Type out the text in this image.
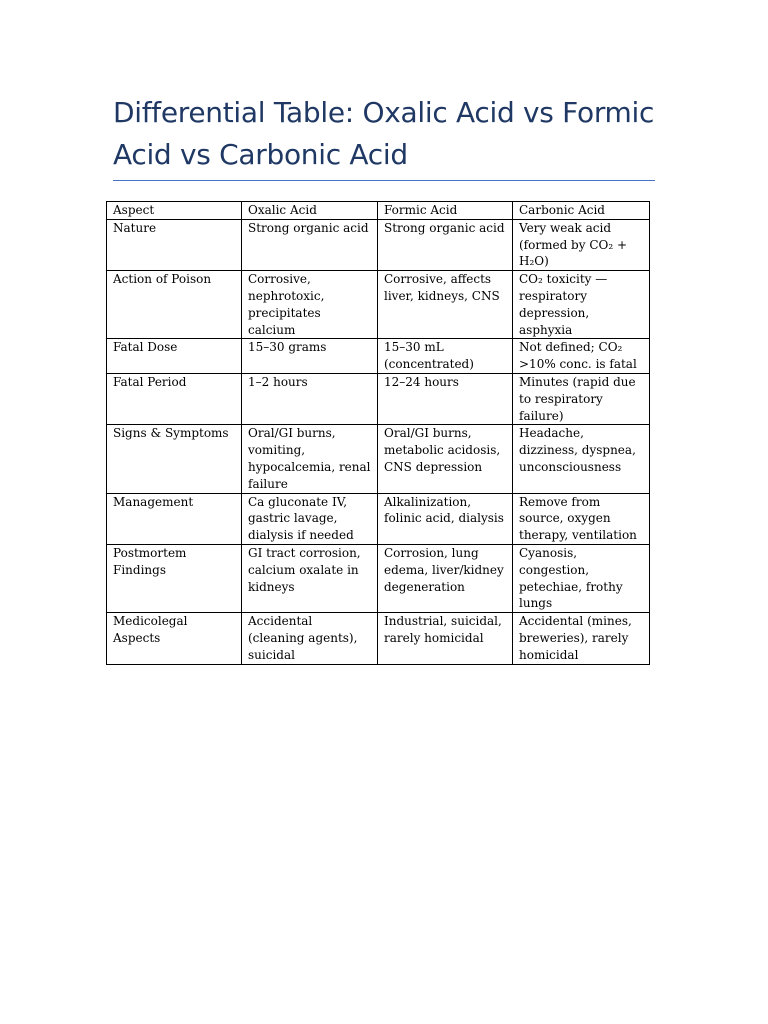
Differential Table: Oxalic Acid vs Formic Acid vs Carbonic Acid
Aspect	Oxalic Acid	Formic Acid	Carbonic Acid
Nature	Strong organic acid	Strong organic acid	Very weak acid (formed by CO₂ + H₂O)
Action of Poison	Corrosive, nephrotoxic, precipitates calcium	Corrosive, affects liver, kidneys, CNS	CO₂ toxicity — respiratory depression, asphyxia
Fatal Dose	15–30 grams	15–30 mL (concentrated)	Not defined; CO₂ >10% conc. is fatal
Fatal Period	1–2 hours	12–24 hours	Minutes (rapid due to respiratory failure)
Signs & Symptoms	Oral/GI burns, vomiting, hypocalcemia, renal failure	Oral/GI burns, metabolic acidosis, CNS depression	Headache, dizziness, dyspnea, unconsciousness
Management	Ca gluconate IV, gastric lavage, dialysis if needed	Alkalinization, folinic acid, dialysis	Remove from source, oxygen therapy, ventilation
Postmortem Findings	GI tract corrosion, calcium oxalate in kidneys	Corrosion, lung edema, liver/kidney degeneration	Cyanosis, congestion, petechiae, frothy lungs
Medicolegal Aspects	Accidental (cleaning agents), suicidal	Industrial, suicidal, rarely homicidal	Accidental (mines, breweries), rarely homicidal
